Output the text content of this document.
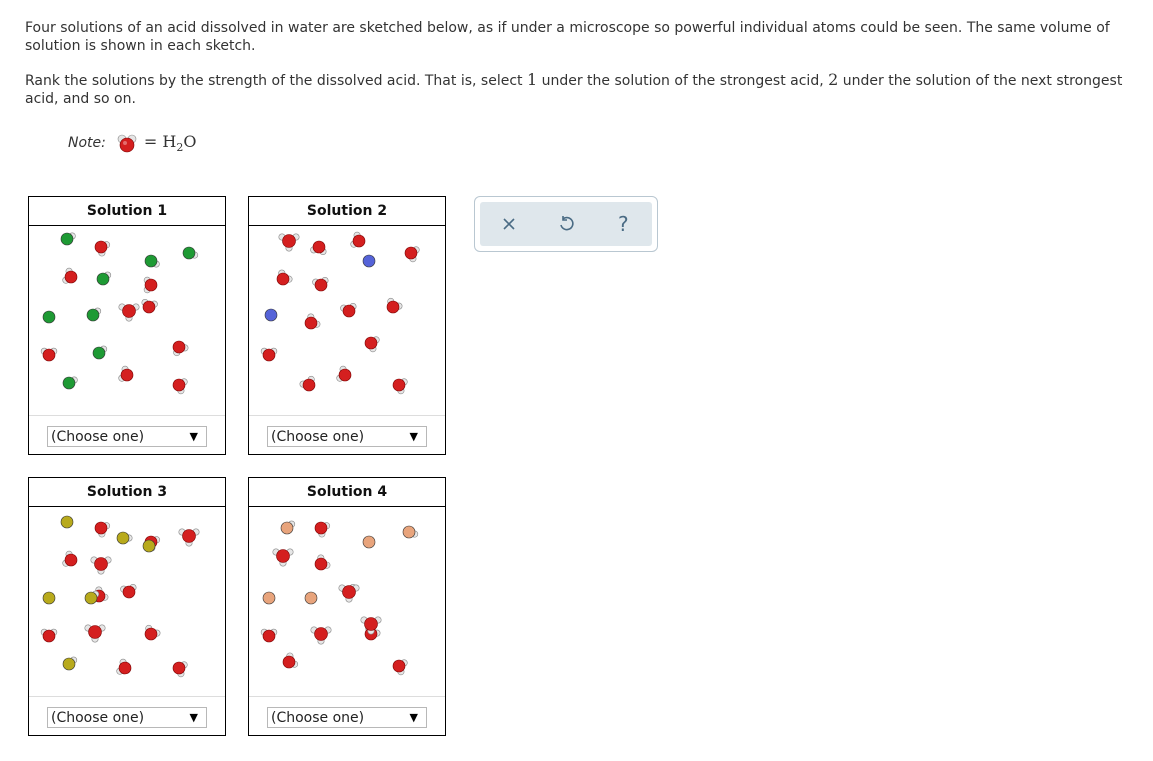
Four solutions of an acid dissolved in water are sketched below, as if under a microscope so powerful individual atoms could be seen. The same volume of solution is shown in each sketch.

Rank the solutions by the strength of the dissolved acid. That is, select 1 under the solution of the strongest acid, 2 under the solution of the next strongest acid, and so on.

Note: = $H_2O$
Solution 1
(Choose one)	▼
Solution 2
(Choose one)	▼
Solution 3
(Choose one)	▼
Solution 4
(Choose one)	▼
?
